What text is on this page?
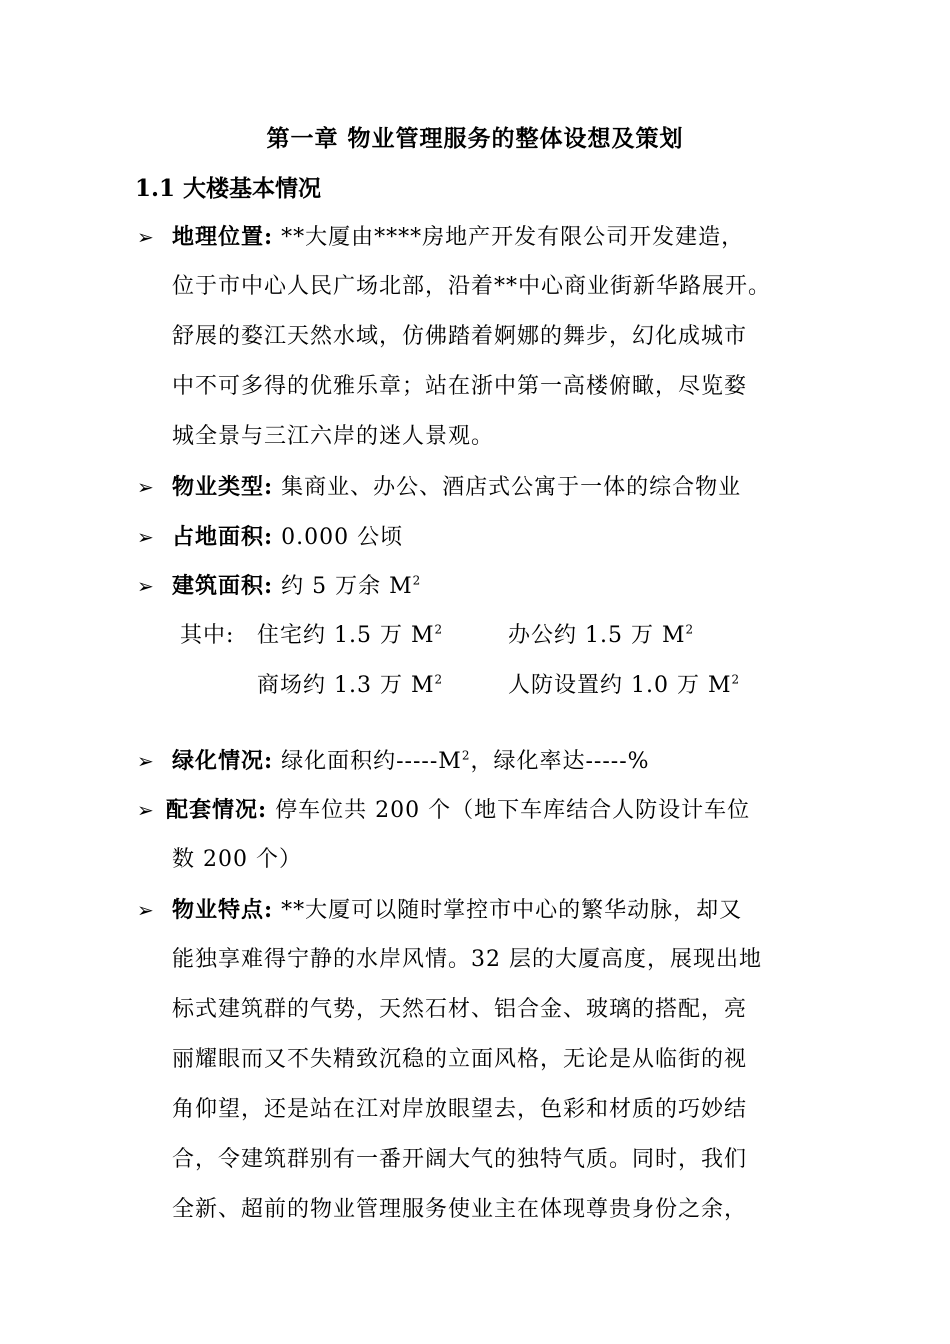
第一章 物业管理服务的整体设想及策划
1.1 大楼基本情况
➢ 地理位置: **大厦由****房地产开发有限公司开发建造，
位于市中心人民广场北部，沿着**中心商业街新华路展开。
舒展的婺江天然水域，仿佛踏着婀娜的舞步，幻化成城市
中不可多得的优雅乐章；站在浙中第一高楼俯瞰，尽览婺
城全景与三江六岸的迷人景观。
➢ 物业类型: 集商业、办公、酒店式公寓于一体的综合物业
➢ 占地面积: 0.000 公顷
➢ 建筑面积: 约 5 万余 $M^2$
其中: 住宅约 1.5 万 $M^2$	办公约 1.5 万 $M^2$
商场约 1.3 万 $M^2$	人防设置约 1.0 万 $M^2$
➢ 绿化情况: 绿化面积约$-----M^2$，绿化率达-----%
➢ 配套情况: 停车位共 200 个（地下车库结合人防设计车位
数 200 个）
➢ 物业特点: **大厦可以随时掌控市中心的繁华动脉，却又
能独享难得宁静的水岸风情。32 层的大厦高度，展现出地
标式建筑群的气势，天然石材、铝合金、玻璃的搭配，亮
丽耀眼而又不失精致沉稳的立面风格，无论是从临街的视
角仰望，还是站在江对岸放眼望去，色彩和材质的巧妙结
合，令建筑群别有一番开阔大气的独特气质。同时，我们
全新、超前的物业管理服务使业主在体现尊贵身份之余，
